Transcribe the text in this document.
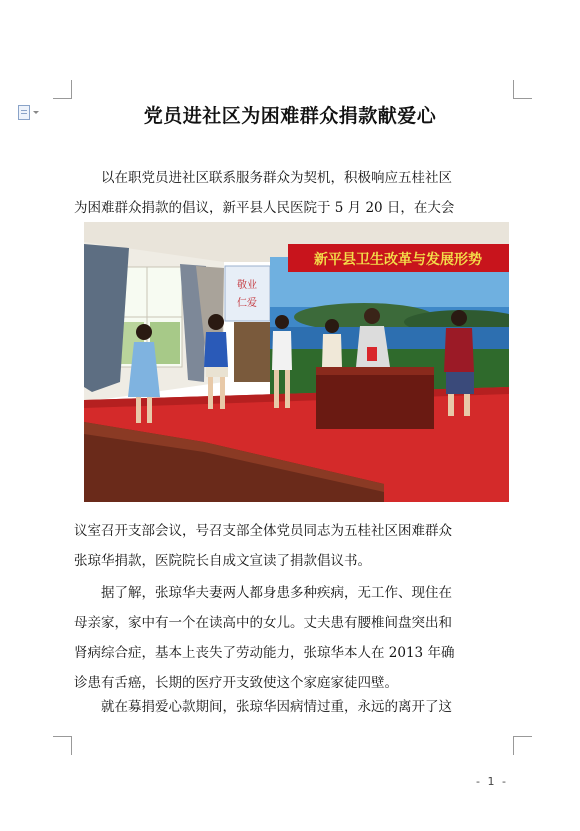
党员进社区为困难群众捐款献爱心
以在职党员进社区联系服务群众为契机，积极响应五桂社区
为困难群众捐款的倡议，新平县人民医院于 5 月 20 日，在大会
敬业
仁爱
新平县卫生改革与发展形势
议室召开支部会议，号召支部全体党员同志为五桂社区困难群众
张琼华捐款，医院院长自成文宣读了捐款倡议书。
据了解，张琼华夫妻两人都身患多种疾病，无工作、现住在
母亲家，家中有一个在读高中的女儿。丈夫患有腰椎间盘突出和
肾病综合症，基本上丧失了劳动能力，张琼华本人在 2013 年确
诊患有舌癌，长期的医疗开支致使这个家庭家徒四壁。
就在募捐爱心款期间，张琼华因病情过重，永远的离开了这
- 1 -
